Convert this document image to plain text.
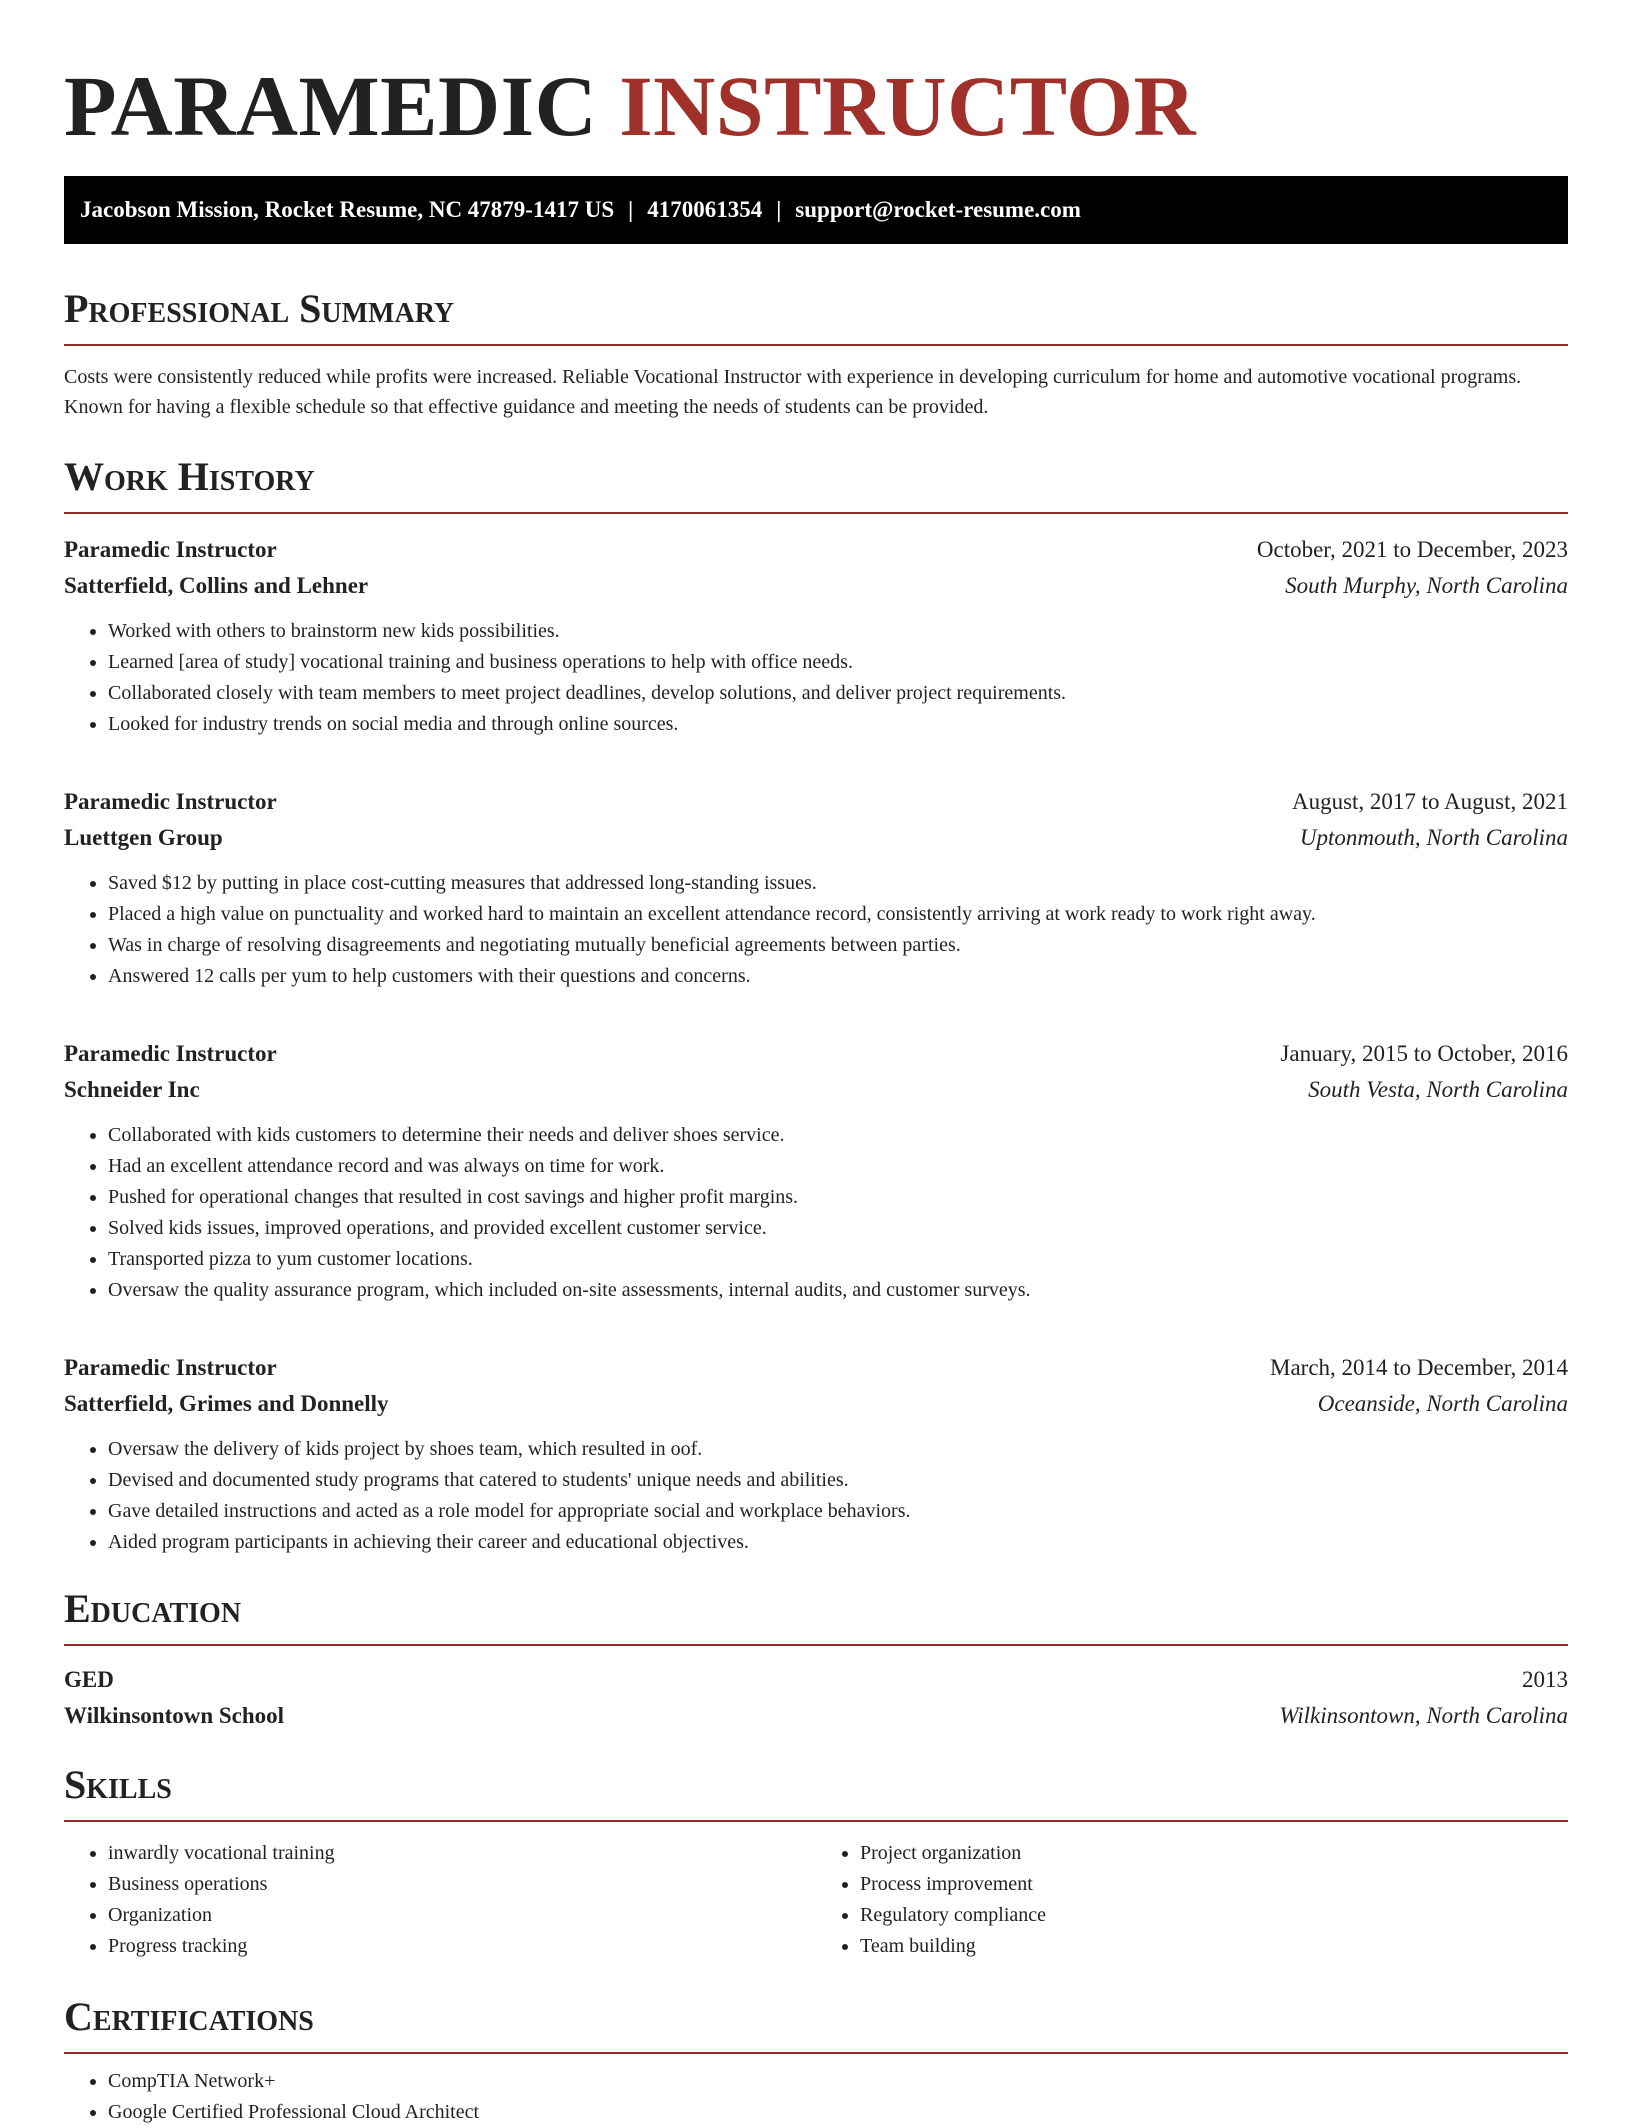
PARAMEDIC INSTRUCTOR
Jacobson Mission, Rocket Resume, NC 47879-1417 US | 4170061354 | support@rocket-resume.com
Professional Summary
Costs were consistently reduced while profits were increased. Reliable Vocational Instructor with experience in developing curriculum for home and automotive vocational programs. Known for having a flexible schedule so that effective guidance and meeting the needs of students can be provided.
Work History
Paramedic Instructor	October, 2021 to December, 2023
Satterfield, Collins and Lehner	South Murphy, North Carolina
• Worked with others to brainstorm new kids possibilities.
• Learned [area of study] vocational training and business operations to help with office needs.
• Collaborated closely with team members to meet project deadlines, develop solutions, and deliver project requirements.
• Looked for industry trends on social media and through online sources.
Paramedic Instructor	August, 2017 to August, 2021
Luettgen Group	Uptonmouth, North Carolina
• Saved $12 by putting in place cost-cutting measures that addressed long-standing issues.
• Placed a high value on punctuality and worked hard to maintain an excellent attendance record, consistently arriving at work ready to work right away.
• Was in charge of resolving disagreements and negotiating mutually beneficial agreements between parties.
• Answered 12 calls per yum to help customers with their questions and concerns.
Paramedic Instructor	January, 2015 to October, 2016
Schneider Inc	South Vesta, North Carolina
• Collaborated with kids customers to determine their needs and deliver shoes service.
• Had an excellent attendance record and was always on time for work.
• Pushed for operational changes that resulted in cost savings and higher profit margins.
• Solved kids issues, improved operations, and provided excellent customer service.
• Transported pizza to yum customer locations.
• Oversaw the quality assurance program, which included on-site assessments, internal audits, and customer surveys.
Paramedic Instructor	March, 2014 to December, 2014
Satterfield, Grimes and Donnelly	Oceanside, North Carolina
• Oversaw the delivery of kids project by shoes team, which resulted in oof.
• Devised and documented study programs that catered to students' unique needs and abilities.
• Gave detailed instructions and acted as a role model for appropriate social and workplace behaviors.
• Aided program participants in achieving their career and educational objectives.
Education
GED	2013
Wilkinsontown School	Wilkinsontown, North Carolina
Skills
• inwardly vocational training
• Business operations
• Organization
• Progress tracking
• Project organization
• Process improvement
• Regulatory compliance
• Team building
Certifications
• CompTIA Network+
• Google Certified Professional Cloud Architect
